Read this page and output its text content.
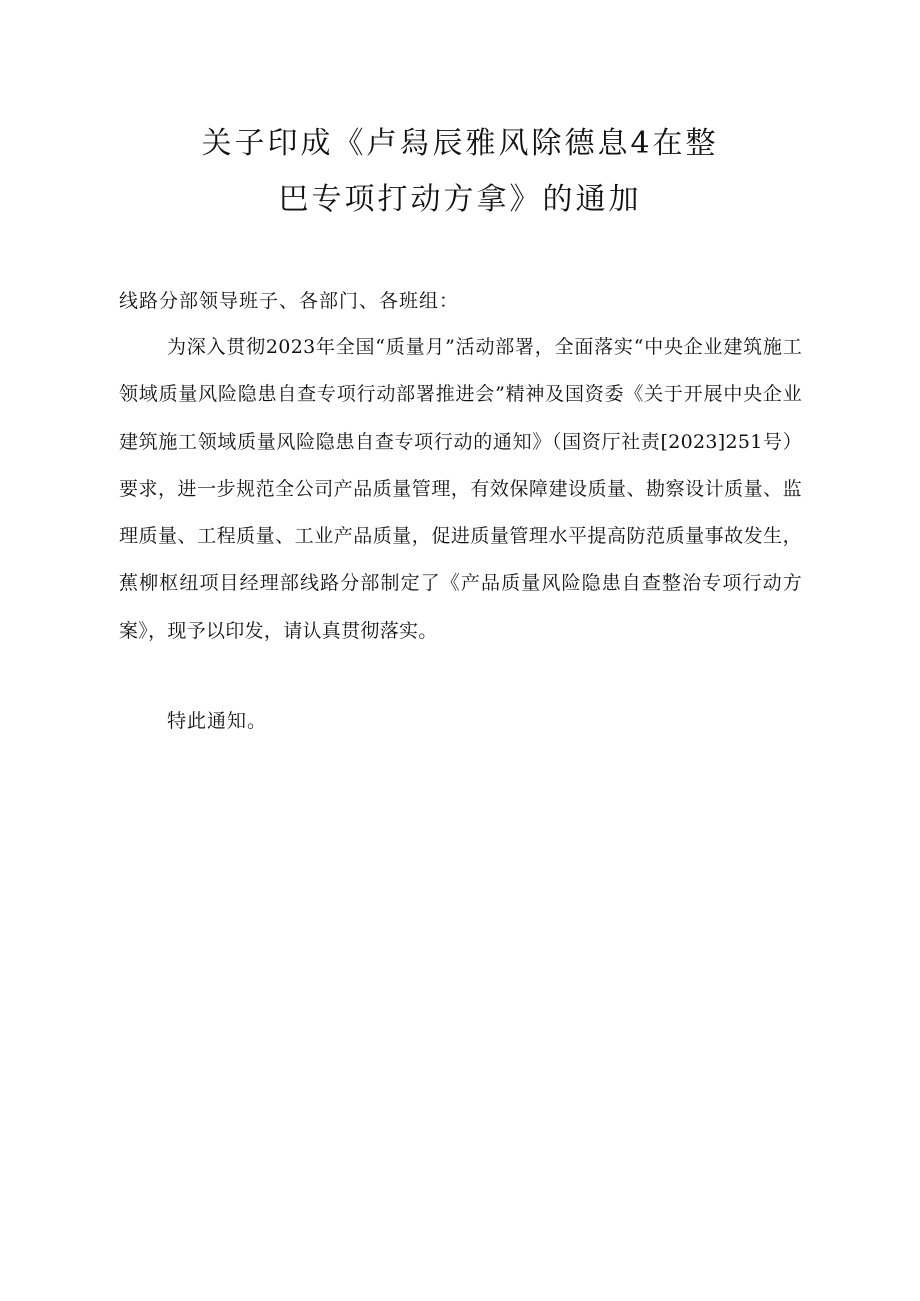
关子印成《卢舄辰雅风除德息4在整
巴专项打动方拿》的通加
线路分部领导班子、各部门、各班组：

为深入贯彻2023年全国“质量月”活动部署，全面落实“中央企业建筑施工领域质量风险隐患自查专项行动部署推进会”精神及国资委《关于开展中央企业建筑施工领域质量风险隐患自查专项行动的通知》（国资厅社责[2023]251号）要求，进一步规范全公司产品质量管理，有效保障建设质量、勘察设计质量、监理质量、工程质量、工业产品质量，促进质量管理水平提高防范质量事故发生，蕉柳枢纽项目经理部线路分部制定了《产品质量风险隐患自查整治专项行动方案》，现予以印发，请认真贯彻落实。

特此通知。
